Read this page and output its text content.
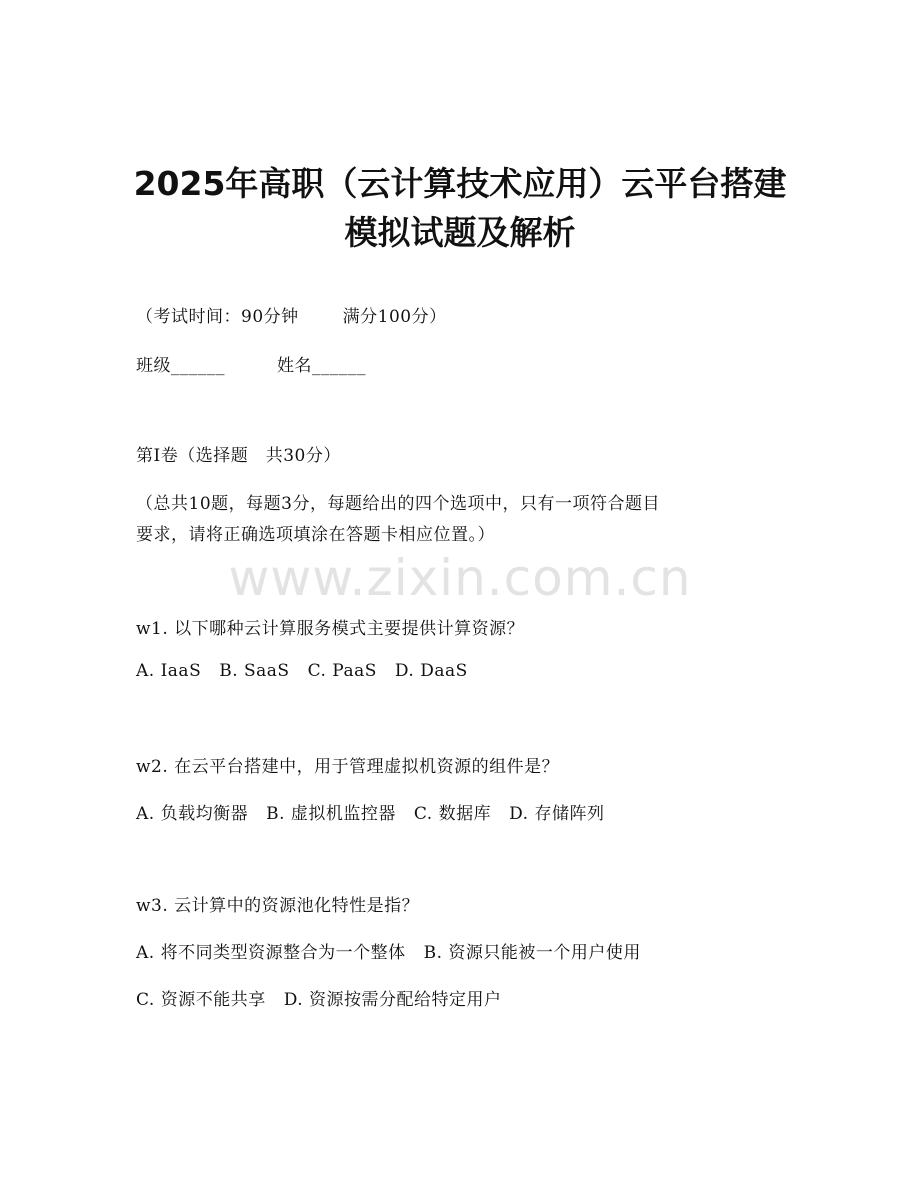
2025年高职（云计算技术应用）云平台搭建
模拟试题及解析
（考试时间：90分钟	满分100分）
班级______	姓名______
第I卷（选择题　共30分）
（总共10题，每题3分，每题给出的四个选项中，只有一项符合题目
要求，请将正确选项填涂在答题卡相应位置。）
www.zixin.com.cn
w1. 以下哪种云计算服务模式主要提供计算资源？
A. IaaS B. SaaS C. PaaS D. DaaS
w2. 在云平台搭建中，用于管理虚拟机资源的组件是？
A. 负载均衡器 B. 虚拟机监控器 C. 数据库 D. 存储阵列
w3. 云计算中的资源池化特性是指？
A. 将不同类型资源整合为一个整体 B. 资源只能被一个用户使用
C. 资源不能共享 D. 资源按需分配给特定用户
